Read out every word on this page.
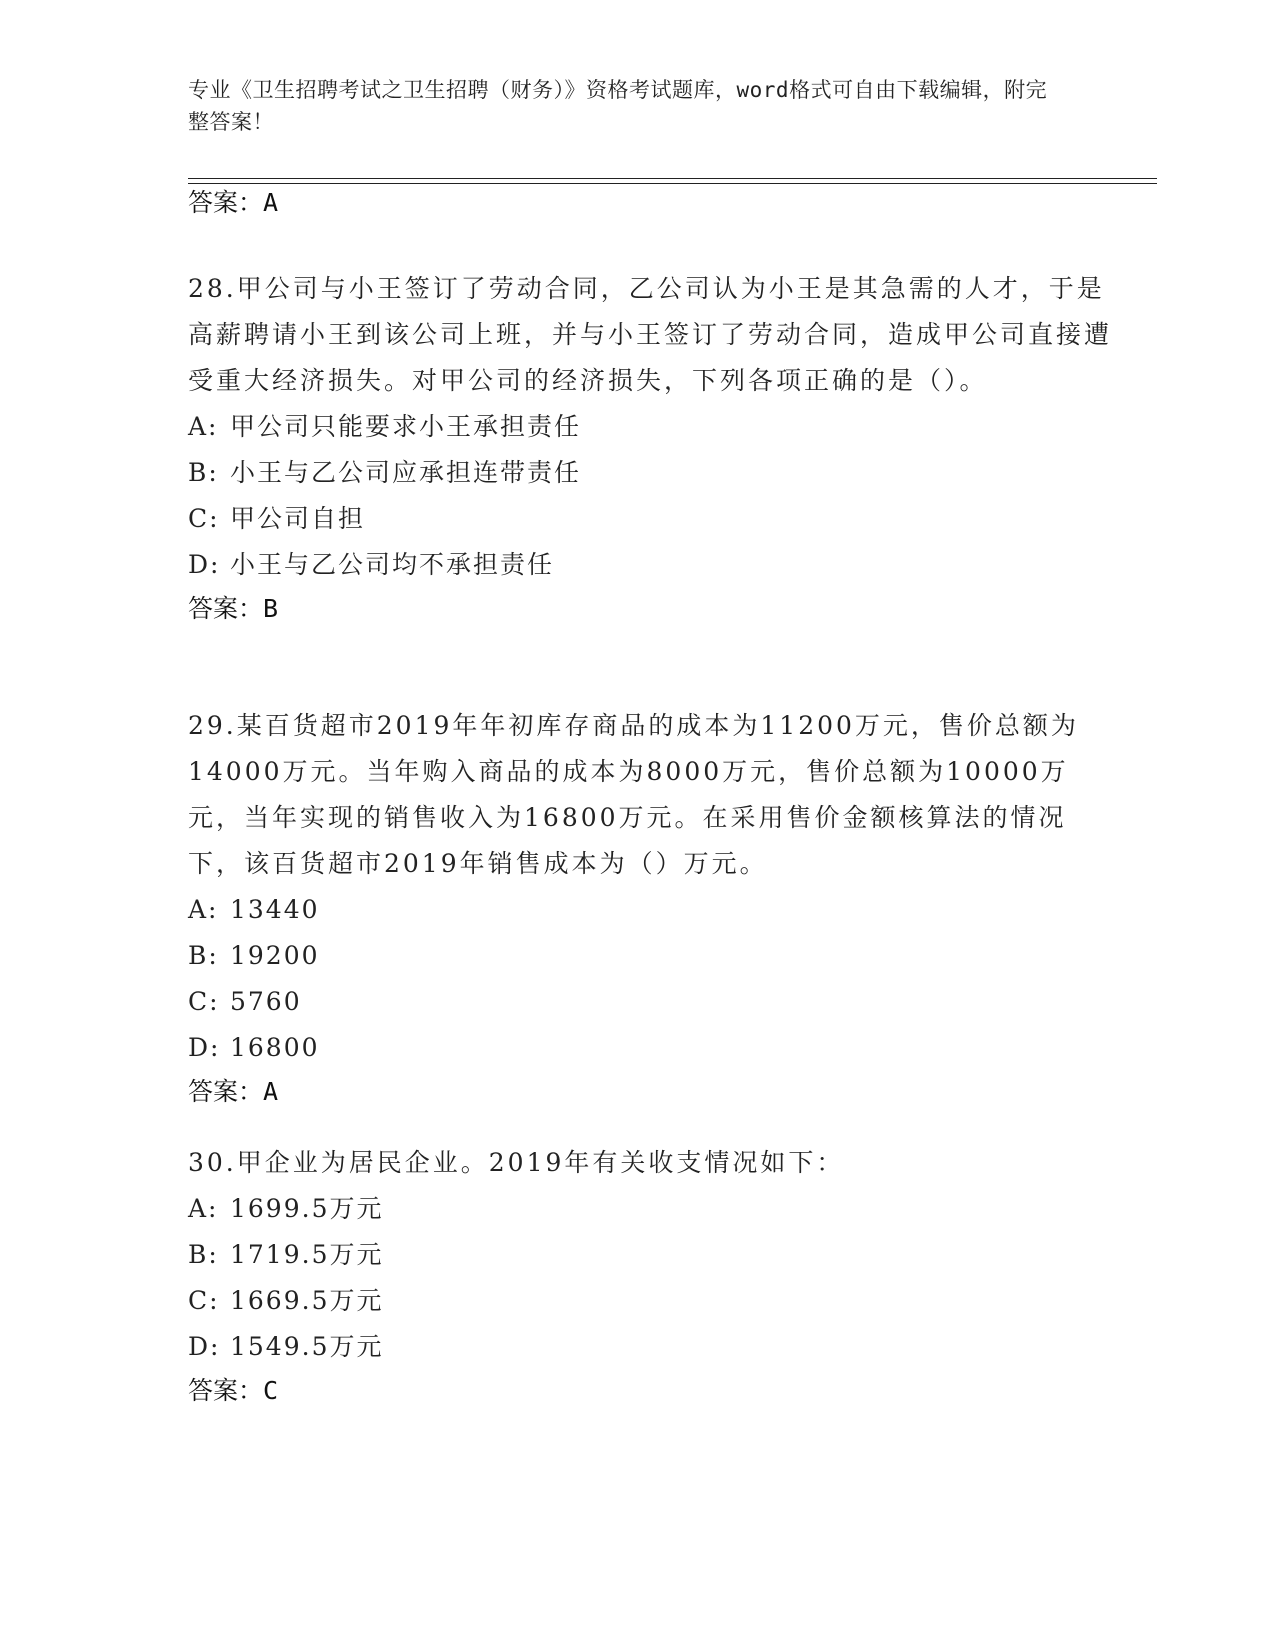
专业《卫生招聘考试之卫生招聘（财务）》资格考试题库，word格式可自由下载编辑，附完整答案！
答案：A

28.甲公司与小王签订了劳动合同，乙公司认为小王是其急需的人才，于是高薪聘请小王到该公司上班，并与小王签订了劳动合同，造成甲公司直接遭受重大经济损失。对甲公司的经济损失，下列各项正确的是（）。

A: 甲公司只能要求小王承担责任
B: 小王与乙公司应承担连带责任
C: 甲公司自担
D: 小王与乙公司均不承担责任
答案：B

29.某百货超市2019年年初库存商品的成本为11200万元，售价总额为14000万元。当年购入商品的成本为8000万元，售价总额为10000万元，当年实现的销售收入为16800万元。在采用售价金额核算法的情况下，该百货超市2019年销售成本为（）万元。

A: 13440
B: 19200
C: 5760
D: 16800
答案：A

30.甲企业为居民企业。2019年有关收支情况如下：

A: 1699.5万元
B: 1719.5万元
C: 1669.5万元
D: 1549.5万元
答案：C
